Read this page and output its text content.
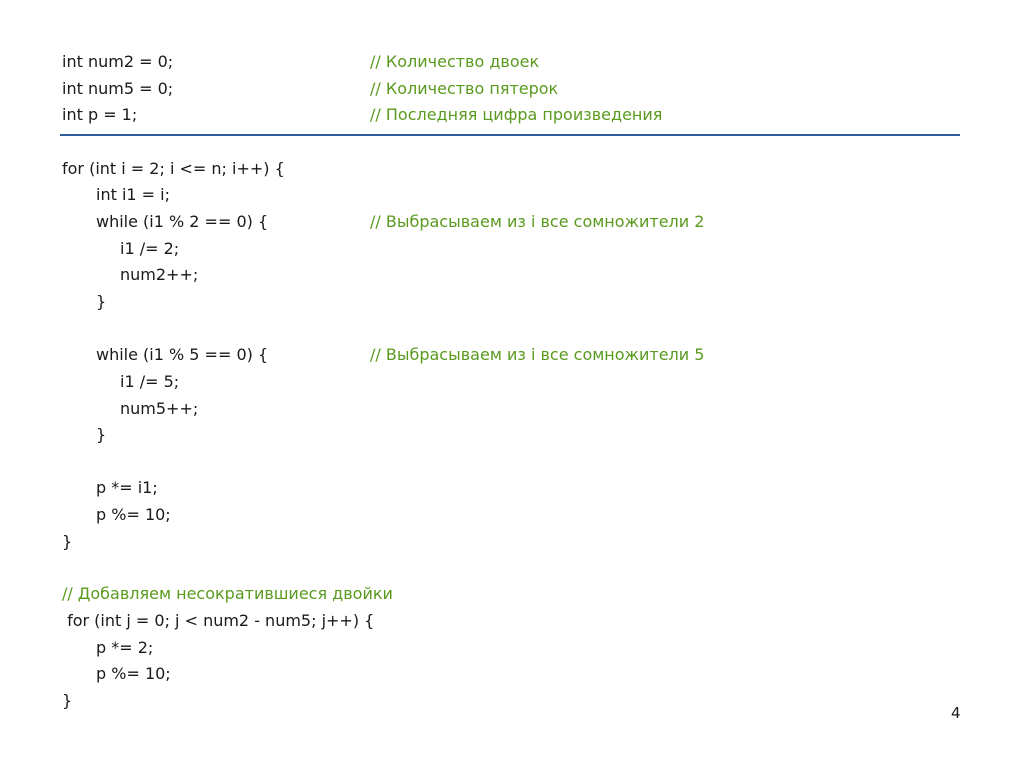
int num2 = 0;

	// Количество двоек

int num5 = 0;

	// Количество пятерок

int p = 1;

	// Последняя цифра произведения

for (int i = 2; i <= n; i++) {

int i1 = i;

while (i1 % 2 == 0) {

	// Выбрасываем из i все сомножители 2

i1 /= 2;

num2++;

}

while (i1 % 5 == 0) {

	// Выбрасываем из i все сомножители 5

i1 /= 5;

num5++;

}

p *= i1;

p %= 10;

}

// Добавляем несократившиеся двойки

for (int j = 0; j < num2 - num5; j++) {

p *= 2;

p %= 10;

}

4
